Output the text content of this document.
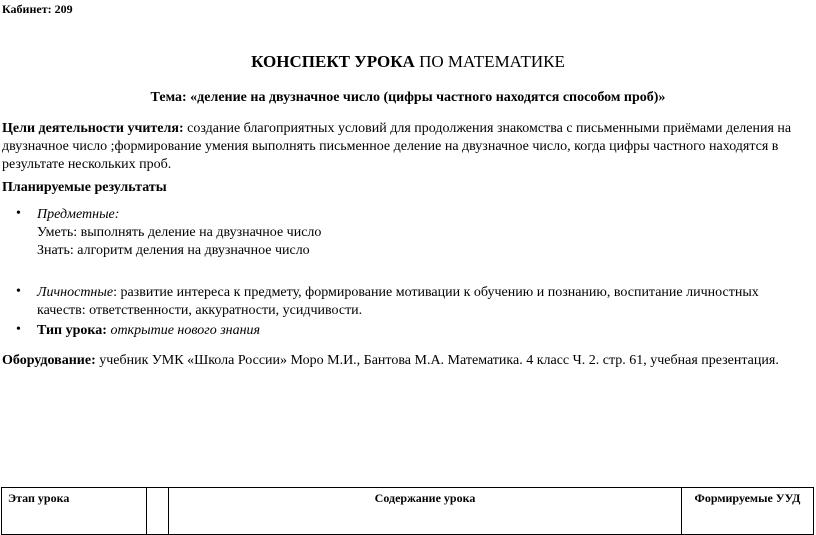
Кабинет: 209
КОНСПЕКТ УРОКА ПО МАТЕМАТИКЕ
Тема: «деление на двузначное число (цифры частного находятся способом проб)»
Цели деятельности учителя: создание благоприятных условий для продолжения знакомства с письменными приёмами деления на двузначное число ;формирование умения выполнять письменное деление на двузначное число, когда цифры частного находятся в результате нескольких проб.
Планируемые результаты
• Предметные:
Уметь: выполнять деление на двузначное число
Знать: алгоритм деления на двузначное число
• Личностные: развитие интереса к предмету, формирование мотивации к обучению и познанию, воспитание личностных качеств: ответственности, аккуратности, усидчивости.
• Тип урока: открытие нового знания
Оборудование: учебник УМК «Школа России» Моро М.И., Бантова М.А. Математика. 4 класс Ч. 2. стр. 61, учебная презентация.
Этап урока		Содержание урока	Формируемые УУД
